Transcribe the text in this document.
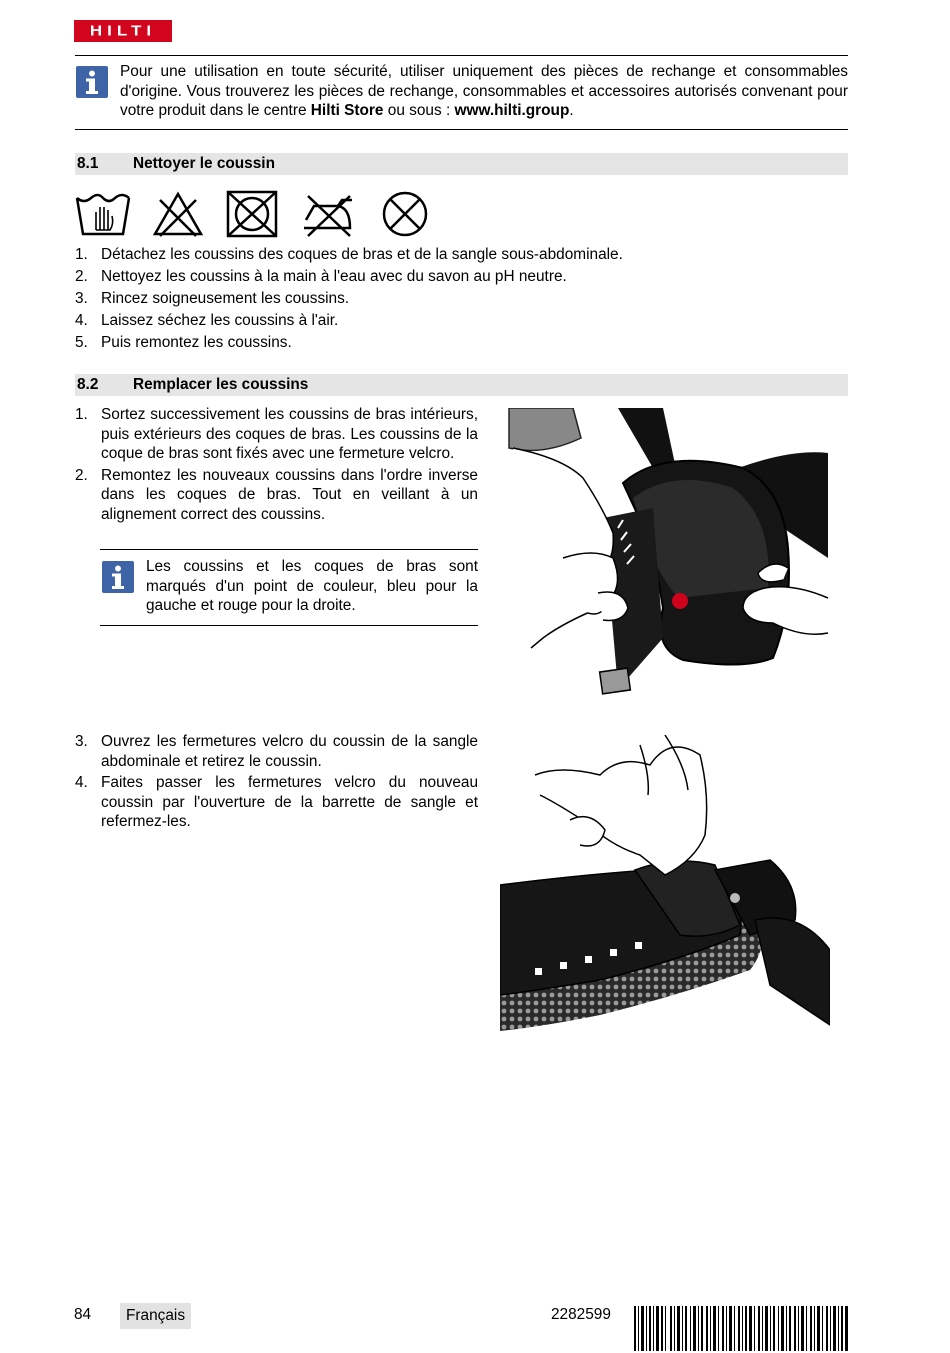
HILTI
Pour une utilisation en toute sécurité, utiliser uniquement des pièces de rechange et consommables d'origine. Vous trouverez les pièces de rechange, consommables et accessoires autorisés convenant pour votre produit dans le centre Hilti Store ou sous : www.hilti.group.
8.1 Nettoyer le coussin
1. Détachez les coussins des coques de bras et de la sangle sous-abdominale.
2. Nettoyez les coussins à la main à l'eau avec du savon au pH neutre.
3. Rincez soigneusement les coussins.
4. Laissez séchez les coussins à l'air.
5. Puis remontez les coussins.
8.2 Remplacer les coussins
1. Sortez successivement les coussins de bras intérieurs, puis extérieurs des coques de bras. Les coussins de la coque de bras sont fixés avec une fermeture velcro.
2. Remontez les nouveaux coussins dans l'ordre inverse dans les coques de bras. Tout en veillant à un alignement correct des coussins.
Les coussins et les coques de bras sont marqués d'un point de couleur, bleu pour la gauche et rouge pour la droite.
3. Ouvrez les fermetures velcro du coussin de la sangle abdominale et retirez le coussin.
4. Faites passer les fermetures velcro du nouveau coussin par l'ouverture de la barrette de sangle et refermez-les.
84	Français	2282599
